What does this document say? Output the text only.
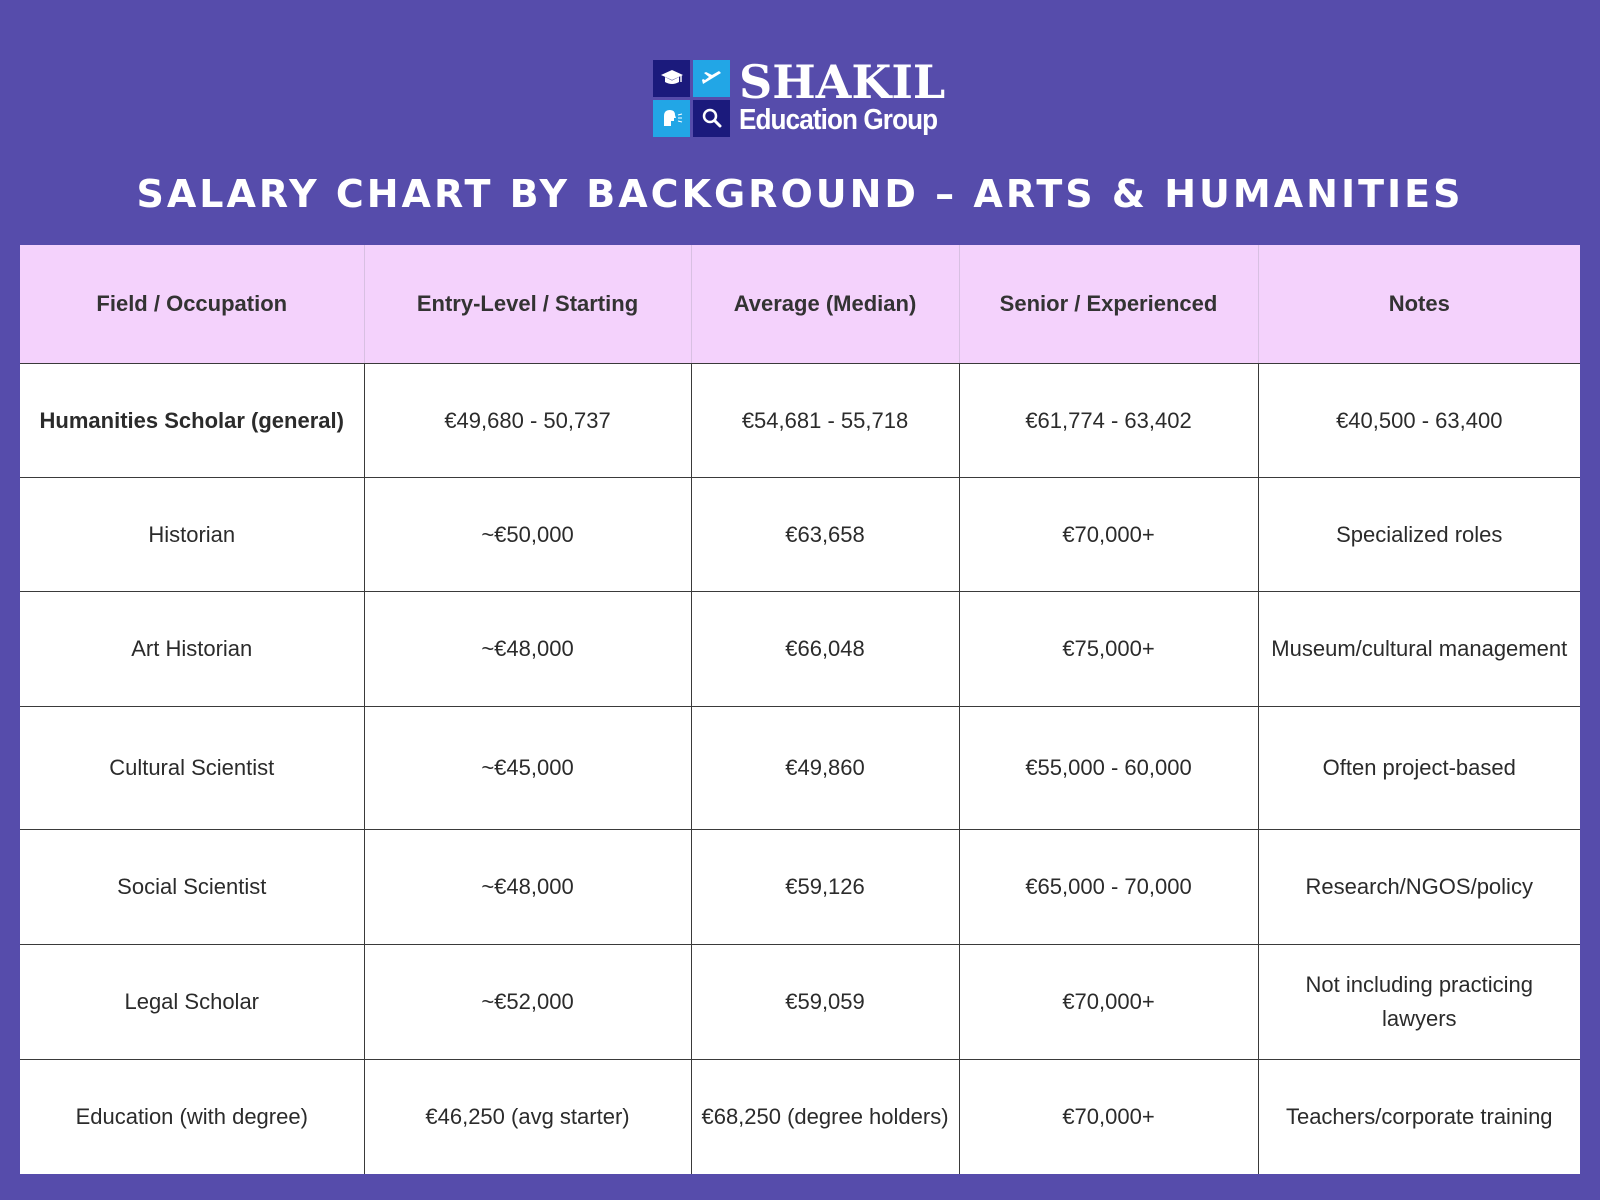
SHAKIL
Education Group
SALARY CHART BY BACKGROUND – ARTS & HUMANITIES
Field / Occupation	Entry-Level / Starting	Average (Median)	Senior / Experienced	Notes
Humanities Scholar (general)	€49,680 - 50,737	€54,681 - 55,718	€61,774 - 63,402	€40,500 - 63,400
Historian	~€50,000	€63,658	€70,000+	Specialized roles
Art Historian	~€48,000	€66,048	€75,000+	Museum/cultural management
Cultural Scientist	~€45,000	€49,860	€55,000 - 60,000	Often project-based
Social Scientist	~€48,000	€59,126	€65,000 - 70,000	Research/NGOS/policy
Legal Scholar	~€52,000	€59,059	€70,000+	Not including practicing lawyers
Education (with degree)	€46,250 (avg starter)	€68,250 (degree holders)	€70,000+	Teachers/corporate training
